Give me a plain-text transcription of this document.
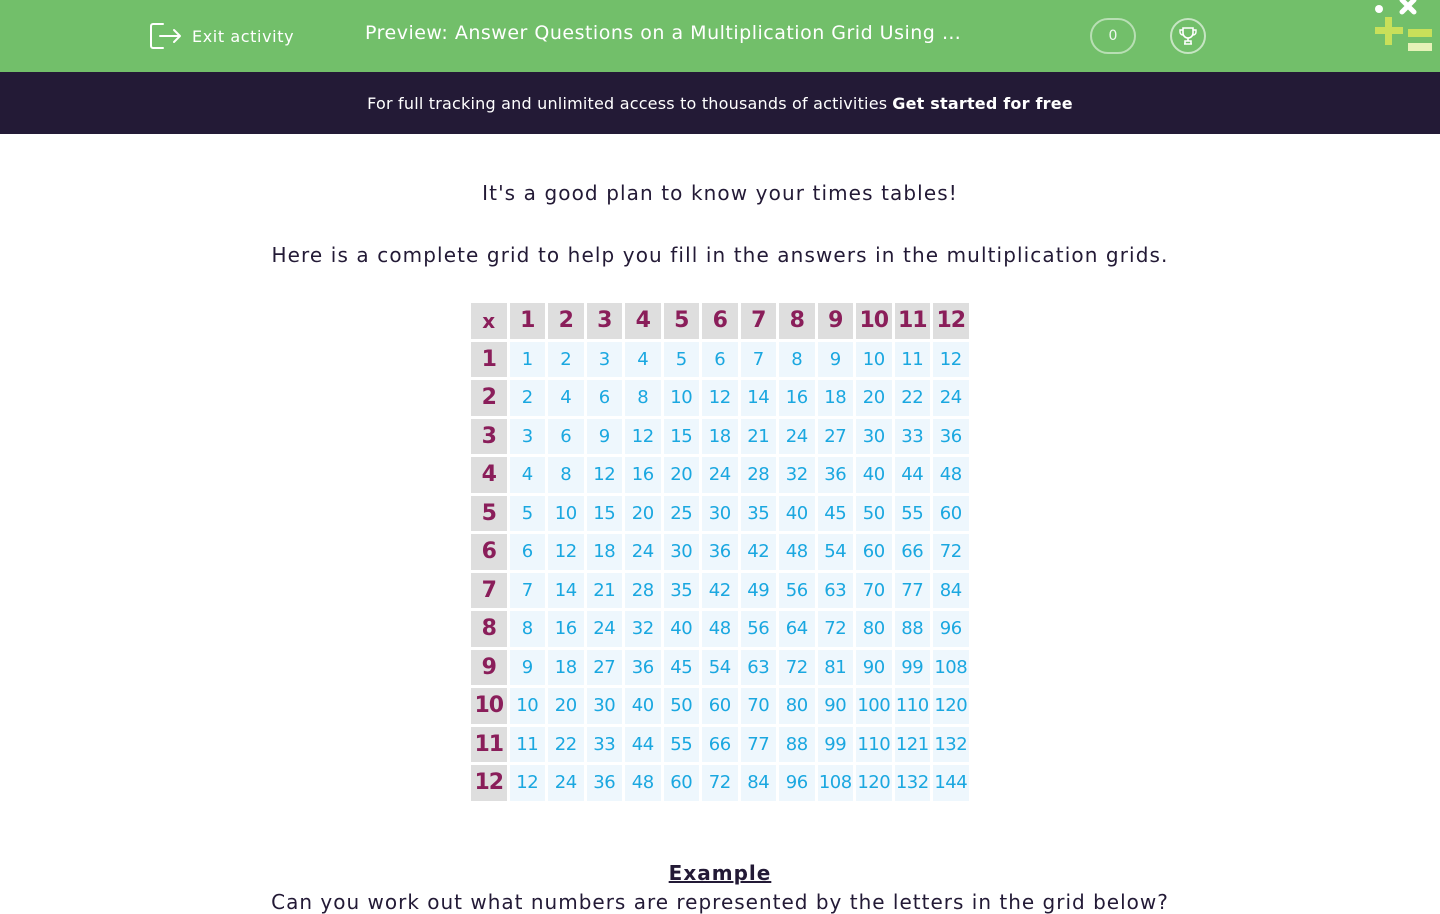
Exit activity	Preview: Answer Questions on a Multiplication Grid Using …	0
For full tracking and unlimited access to thousands of activities Get started for free
It's a good plan to know your times tables!
Here is a complete grid to help you fill in the answers in the multiplication grids.
x	1	2	3	4	5	6	7	8	9	10	11	12
1	1	2	3	4	5	6	7	8	9	10	11	12
2	2	4	6	8	10	12	14	16	18	20	22	24
3	3	6	9	12	15	18	21	24	27	30	33	36
4	4	8	12	16	20	24	28	32	36	40	44	48
5	5	10	15	20	25	30	35	40	45	50	55	60
6	6	12	18	24	30	36	42	48	54	60	66	72
7	7	14	21	28	35	42	49	56	63	70	77	84
8	8	16	24	32	40	48	56	64	72	80	88	96
9	9	18	27	36	45	54	63	72	81	90	99	108
10	10	20	30	40	50	60	70	80	90	100	110	120
11	11	22	33	44	55	66	77	88	99	110	121	132
12	12	24	36	48	60	72	84	96	108	120	132	144
Example
Can you work out what numbers are represented by the letters in the grid below?
